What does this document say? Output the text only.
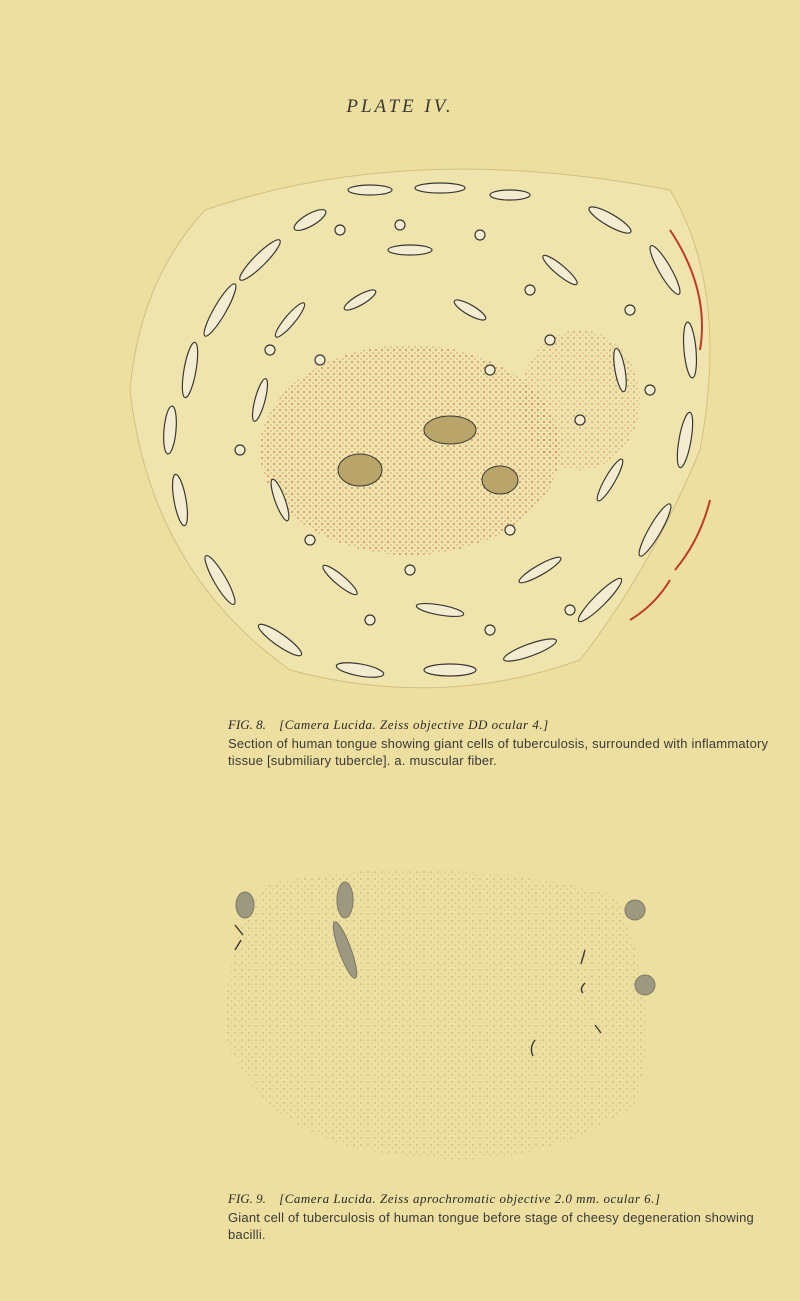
PLATE IV.
FIG. 8. [Camera Lucida. Zeiss objective DD ocular 4.]
Section of human tongue showing giant cells of tuberculosis, surrounded with inflammatory tissue [submiliary tubercle]. a. muscular fiber.
FIG. 9. [Camera Lucida. Zeiss aprochromatic objective 2.0 mm. ocular 6.]
Giant cell of tuberculosis of human tongue before stage of cheesy degeneration showing bacilli.
